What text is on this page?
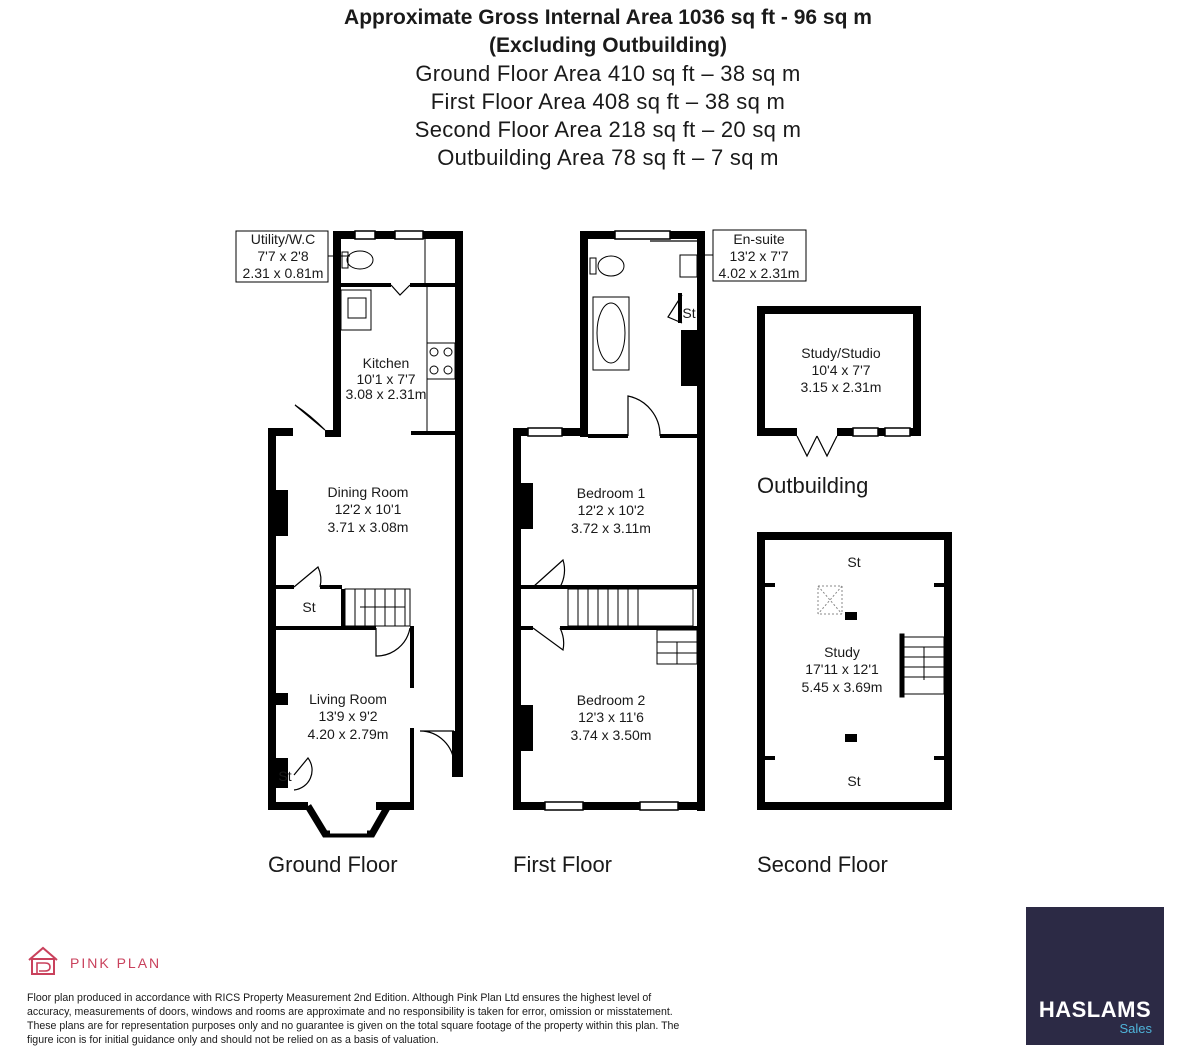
Approximate Gross Internal Area 1036 sq ft - 96 sq m
(Excluding Outbuilding)
Ground Floor Area 410 sq ft – 38 sq m
First Floor Area 408 sq ft – 38 sq m
Second Floor Area 218 sq ft – 20 sq m
Outbuilding Area 78 sq ft – 7 sq m
Utility/W.C
7'7 x 2'8
2.31 x 0.81m
Kitchen
10'1 x 7'7
3.08 x 2.31m
Dining Room
12'2 x 10'1
3.71 x 3.08m
St
Living Room
13'9 x 9'2
4.20 x 2.79m
St
En-suite
13'2 x 7'7
4.02 x 2.31m
St
Bedroom 1
12'2 x 10'2
3.72 x 3.11m
Bedroom 2
12'3 x 11'6
3.74 x 3.50m
Study/Studio
10'4 x 7'7
3.15 x 2.31m
St
Study
17'11 x 12'1
5.45 x 3.69m
St
Ground Floor	First Floor	Second Floor
Outbuilding
PINK PLAN
Floor plan produced in accordance with RICS Property Measurement 2nd Edition. Although Pink Plan Ltd ensures the highest level of accuracy, measurements of doors, windows and rooms are approximate and no responsibility is taken for error, omission or misstatement. These plans are for representation purposes only and no guarantee is given on the total square footage of the property within this plan. The figure icon is for initial guidance only and should not be relied on as a basis of valuation.
HASLAMS
Sales
